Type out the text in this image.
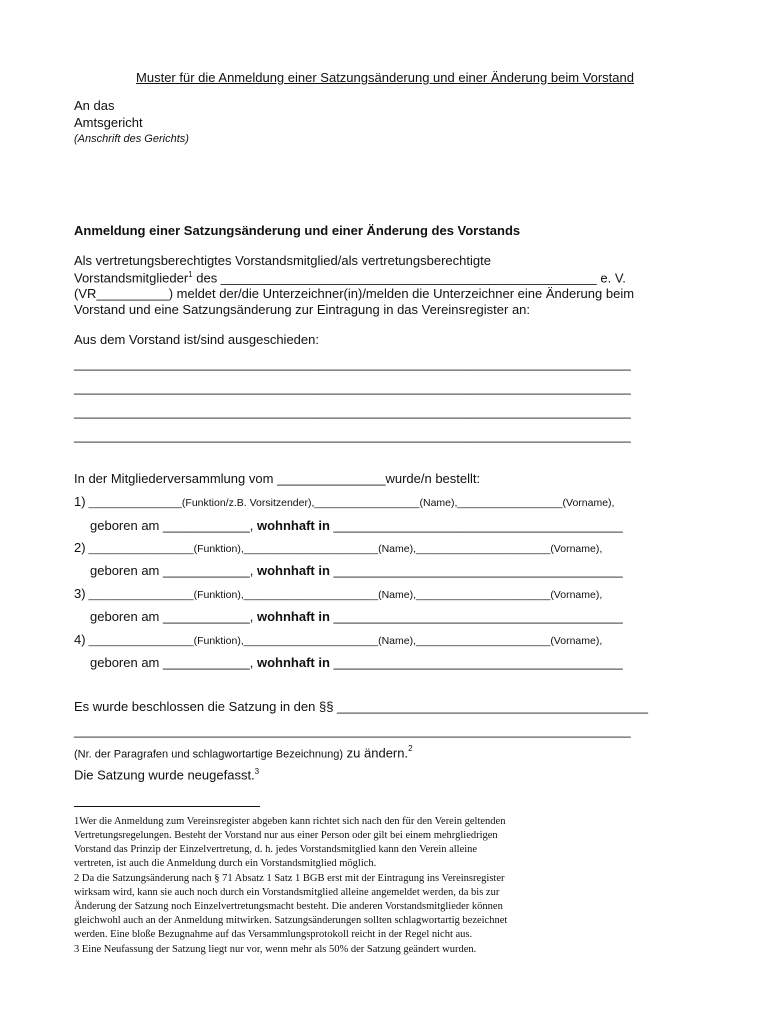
Muster für die Anmeldung einer Satzungsänderung und einer Änderung beim Vorstand
An das
Amtsgericht
(Anschrift des Gerichts)
Anmeldung einer Satzungsänderung und einer Änderung des Vorstands
Als vertretungsberechtigtes Vorstandsmitglied/als vertretungsberechtigte
Vorstandsmitglieder$^1$ des ____________________________________________________ e. V.
(VR__________) meldet der/die Unterzeichner(in)/melden die Unterzeichner eine Änderung beim
Vorstand und eine Satzungsänderung zur Eintragung in das Vereinsregister an:
Aus dem Vorstand ist/sind ausgeschieden:
_____________________________________________________________________________
_____________________________________________________________________________
_____________________________________________________________________________
_____________________________________________________________________________
In der Mitgliederversammlung vom _______________wurde/n bestellt:
1) ________________(Funktion/z.B. Vorsitzender),__________________(Name),__________________(Vorname),
geboren am ____________, wohnhaft in ________________________________________
2) __________________(Funktion),_______________________(Name),_______________________(Vorname),
geboren am ____________, wohnhaft in ________________________________________
3) __________________(Funktion),_______________________(Name),_______________________(Vorname),
geboren am ____________, wohnhaft in ________________________________________
4) __________________(Funktion),_______________________(Name),_______________________(Vorname),
geboren am ____________, wohnhaft in ________________________________________
Es wurde beschlossen die Satzung in den §§ ___________________________________________
_____________________________________________________________________________
(Nr. der Paragrafen und schlagwortartige Bezeichnung) zu ändern.$^2$
Die Satzung wurde neugefasst.$^3$
1Wer die Anmeldung zum Vereinsregister abgeben kann richtet sich nach den für den Verein geltenden
Vertretungsregelungen. Besteht der Vorstand nur aus einer Person oder gilt bei einem mehrgliedrigen
Vorstand das Prinzip der Einzelvertretung, d. h. jedes Vorstandsmitglied kann den Verein alleine
vertreten, ist auch die Anmeldung durch ein Vorstandsmitglied möglich.
2 Da die Satzungsänderung nach § 71 Absatz 1 Satz 1 BGB erst mit der Eintragung ins Vereinsregister
wirksam wird, kann sie auch noch durch ein Vorstandsmitglied alleine angemeldet werden, da bis zur
Änderung der Satzung noch Einzelvertretungsmacht besteht. Die anderen Vorstandsmitglieder können
gleichwohl auch an der Anmeldung mitwirken. Satzungsänderungen sollten schlagwortartig bezeichnet
werden. Eine bloße Bezugnahme auf das Versammlungsprotokoll reicht in der Regel nicht aus.
3 Eine Neufassung der Satzung liegt nur vor, wenn mehr als 50% der Satzung geändert wurden.
